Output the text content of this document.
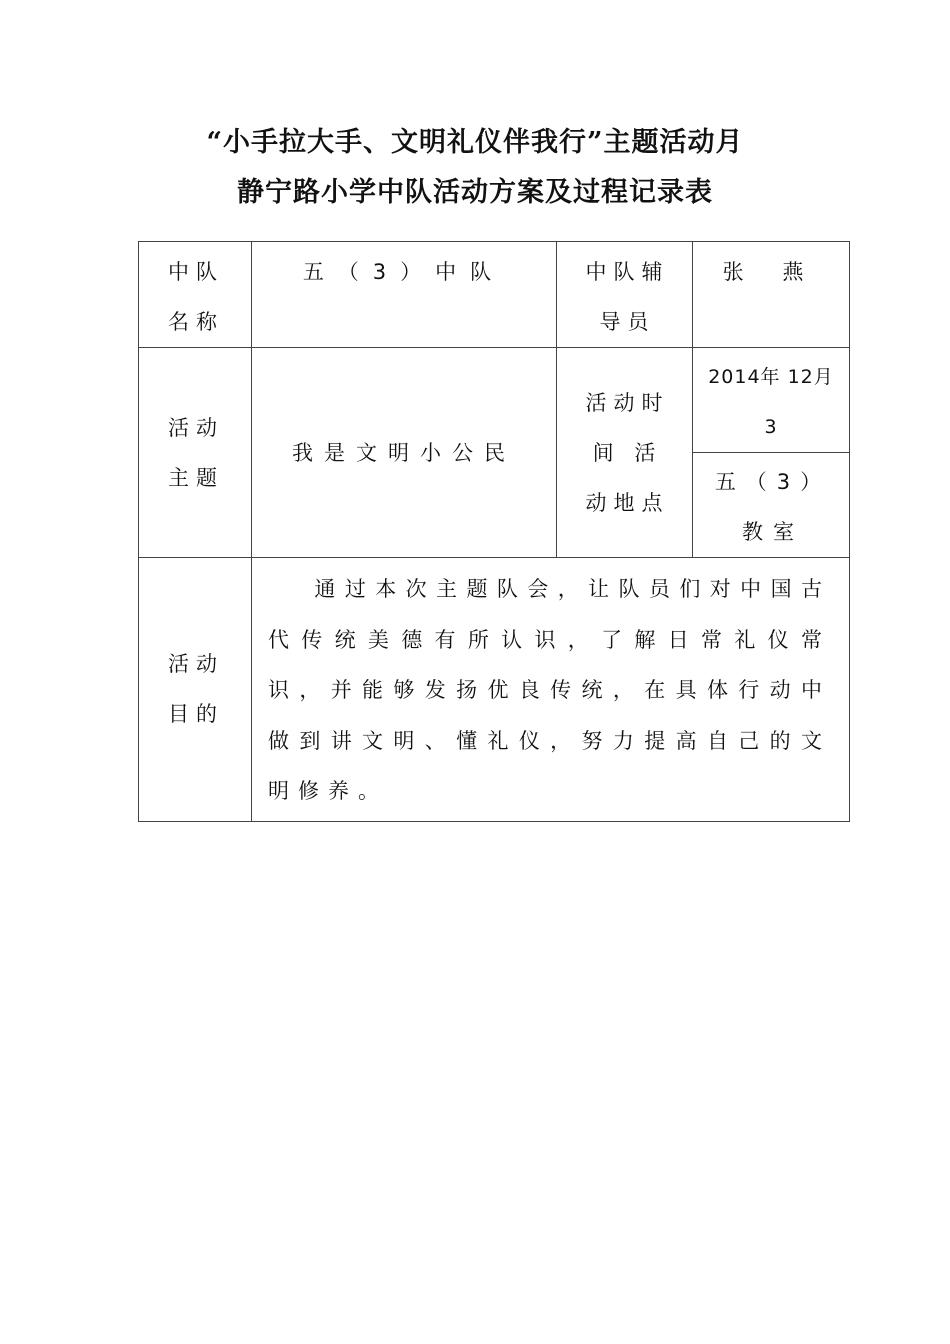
“小手拉大手、文明礼仪伴我行”主题活动月
静宁路小学中队活动方案及过程记录表
中队名称	五（3）中队	中队辅导员	张 燕

活动主题	我是文明小公民	活动时间 活动地点	2014年 12月 3

			五（3）教室

活动目的	通过本次主题队会，让队员们对中国古代传统美德有所认识，了解日常礼仪常识，并能够发扬优良传统，在具体行动中做到讲文明、懂礼仪，努力提高自己的文明修养。		
